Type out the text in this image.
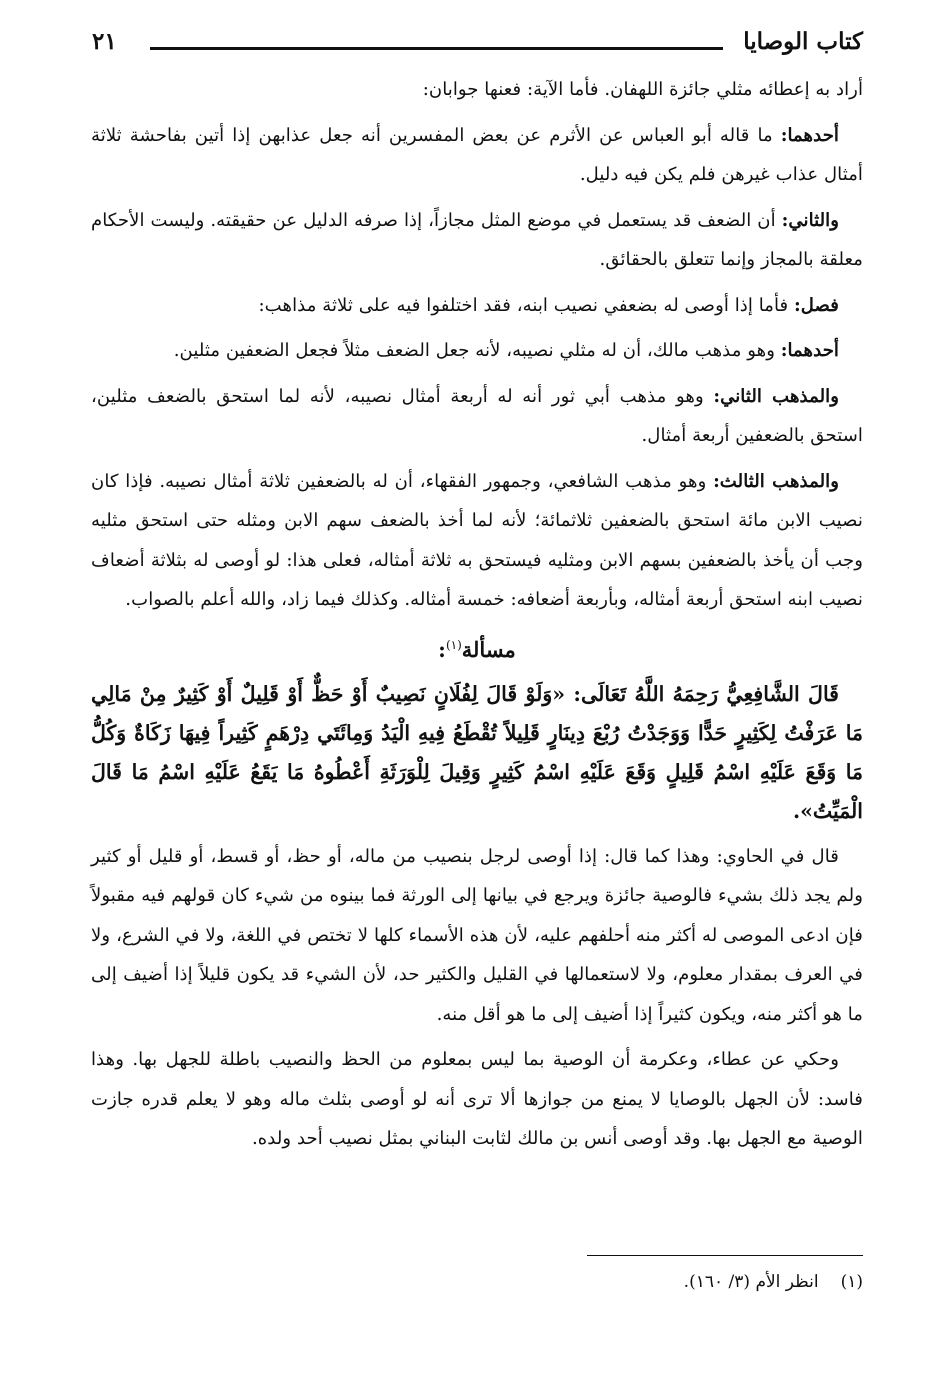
كتاب الوصايا
٢١

أراد به إعطائه مثلي جائزة اللهفان. فأما الآية: فعنها جوابان:

أحدهما: ما قاله أبو العباس عن الأثرم عن بعض المفسرين أنه جعل عذابهن إذا أتين بفاحشة ثلاثة أمثال عذاب غيرهن فلم يكن فيه دليل.

والثاني: أن الضعف قد يستعمل في موضع المثل مجازاً، إذا صرفه الدليل عن حقيقته. وليست الأحكام معلقة بالمجاز وإنما تتعلق بالحقائق.

فصل: فأما إذا أوصى له بضعفي نصيب ابنه، فقد اختلفوا فيه على ثلاثة مذاهب:

أحدهما: وهو مذهب مالك، أن له مثلي نصيبه، لأنه جعل الضعف مثلاً فجعل الضعفين مثلين.

والمذهب الثاني: وهو مذهب أبي ثور أنه له أربعة أمثال نصيبه، لأنه لما استحق بالضعف مثلين، استحق بالضعفين أربعة أمثال.

والمذهب الثالث: وهو مذهب الشافعي، وجمهور الفقهاء، أن له بالضعفين ثلاثة أمثال نصيبه. فإذا كان نصيب الابن مائة استحق بالضعفين ثلاثمائة؛ لأنه لما أخذ بالضعف سهم الابن ومثله حتى استحق مثليه وجب أن يأخذ بالضعفين بسهم الابن ومثليه فيستحق به ثلاثة أمثاله، فعلى هذا: لو أوصى له بثلاثة أضعاف نصيب ابنه استحق أربعة أمثاله، وبأربعة أضعافه: خمسة أمثاله. وكذلك فيما زاد، والله أعلم بالصواب.

مسألة$^{(١)}$:

قَالَ الشَّافِعِيُّ رَحِمَهُ اللَّهُ تَعَالَى: «وَلَوْ قَالَ لِفُلَانٍ نَصِيبٌ أَوْ حَظٌّ أَوْ قَلِيلٌ أَوْ كَثِيرٌ مِنْ مَالِي مَا عَرَفْتُ لِكَثِيرٍ حَدًّا وَوَجَدْتُ رُبْعَ دِينَارٍ قَلِيلاً تُقْطَعُ فِيهِ الْيَدُ وَمِائَتَي دِرْهَمٍ كَثِيراً فِيهَا زَكَاةٌ وَكُلُّ مَا وَقَعَ عَلَيْهِ اسْمُ قَلِيلٍ وَقَعَ عَلَيْهِ اسْمُ كَثِيرٍ وَقِيلَ لِلْوَرَثَةِ أَعْطُوهُ مَا يَقَعُ عَلَيْهِ اسْمُ مَا قَالَ الْمَيِّتُ».

قال في الحاوي: وهذا كما قال: إذا أوصى لرجل بنصيب من ماله، أو حظ، أو قسط، أو قليل أو كثير ولم يجد ذلك بشيء فالوصية جائزة ويرجع في بيانها إلى الورثة فما بينوه من شيء كان قولهم فيه مقبولاً فإن ادعى الموصى له أكثر منه أحلفهم عليه، لأن هذه الأسماء كلها لا تختص في اللغة، ولا في الشرع، ولا في العرف بمقدار معلوم، ولا لاستعمالها في القليل والكثير حد، لأن الشيء قد يكون قليلاً إذا أضيف إلى ما هو أكثر منه، ويكون كثيراً إذا أضيف إلى ما هو أقل منه.

وحكي عن عطاء، وعكرمة أن الوصية بما ليس بمعلوم من الحظ والنصيب باطلة للجهل بها. وهذا فاسد: لأن الجهل بالوصايا لا يمنع من جوازها ألا ترى أنه لو أوصى بثلث ماله وهو لا يعلم قدره جازت الوصية مع الجهل بها. وقد أوصى أنس بن مالك لثابت البناني بمثل نصيب أحد ولده.

(١)انظر الأم (٣/ ١٦٠).
